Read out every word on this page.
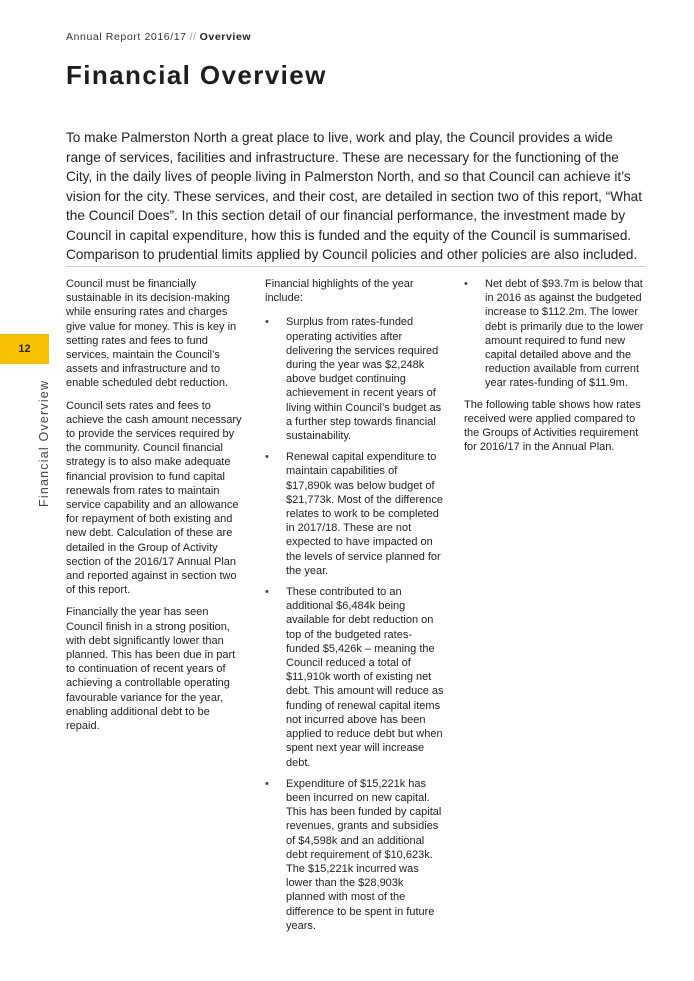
Annual Report 2016/17 // Overview
Financial Overview

To make Palmerston North a great place to live, work and play, the Council provides a wide range of services, facilities and infrastructure. These are necessary for the functioning of the City, in the daily lives of people living in Palmerston North, and so that Council can achieve it’s vision for the city. These services, and their cost, are detailed in section two of this report, “What the Council Does”. In this section detail of our financial performance, the investment made by Council in capital expenditure, how this is funded and the equity of the Council is summarised. Comparison to prudential limits applied by Council policies and other policies are also included.

12
Financial Overview

Council must be financially sustainable in its decision-making while ensuring rates and charges give value for money. This is key in setting rates and fees to fund services, maintain the Council’s assets and infrastructure and to enable scheduled debt reduction.

Council sets rates and fees to achieve the cash amount necessary to provide the services required by the community. Council financial strategy is to also make adequate financial provision to fund capital renewals from rates to maintain service capability and an allowance for repayment of both existing and new debt. Calculation of these are detailed in the Group of Activity section of the 2016/17 Annual Plan and reported against in section two of this report.

Financially the year has seen Council finish in a strong position, with debt significantly lower than planned. This has been due in part to continuation of recent years of achieving a controllable operating favourable variance for the year, enabling additional debt to be repaid.

Financial highlights of the year include:

• Surplus from rates-funded operating activities after delivering the services required during the year was $2,248k above budget continuing achievement in recent years of living within Council’s budget as a further step towards financial sustainability.
• Renewal capital expenditure to maintain capabilities of $17,890k was below budget of $21,773k. Most of the difference relates to work to be completed in 2017/18. These are not expected to have impacted on the levels of service planned for the year.
• These contributed to an additional $6,484k being available for debt reduction on top of the budgeted rates-funded $5,426k – meaning the Council reduced a total of $11,910k worth of existing net debt. This amount will reduce as funding of renewal capital items not incurred above has been applied to reduce debt but when spent next year will increase debt.
• Expenditure of $15,221k has been incurred on new capital. This has been funded by capital revenues, grants and subsidies of $4,598k and an additional debt requirement of $10,623k. The $15,221k incurred was lower than the $28,903k planned with most of the difference to be spent in future years.
• Net debt of $93.7m is below that in 2016 as against the budgeted increase to $112.2m. The lower debt is primarily due to the lower amount required to fund new capital detailed above and the reduction available from current year rates-funding of $11.9m.

The following table shows how rates received were applied compared to the Groups of Activities requirement for 2016/17 in the Annual Plan.
